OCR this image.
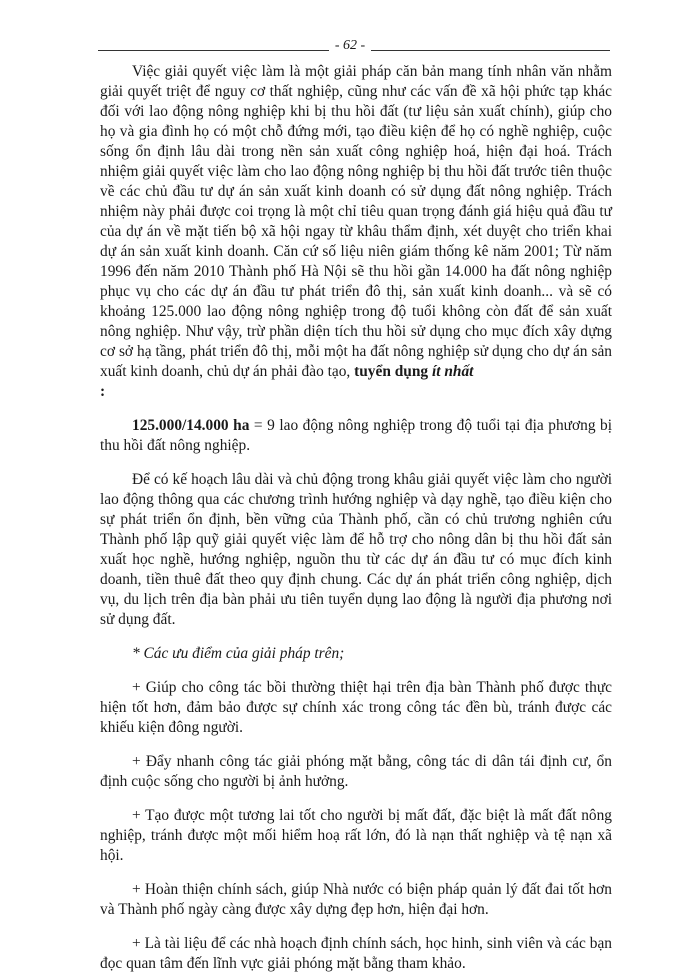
- 62 -

Việc giải quyết việc làm là một giải pháp căn bản mang tính nhân văn nhằm giải quyết triệt để nguy cơ thất nghiệp, cũng như các vấn đề xã hội phức tạp khác đối với lao động nông nghiệp khi bị thu hồi đất (tư liệu sản xuất chính), giúp cho họ và gia đình họ có một chỗ đứng mới, tạo điều kiện để họ có nghề nghiệp, cuộc sống ổn định lâu dài trong nền sản xuất công nghiệp hoá, hiện đại hoá. Trách nhiệm giải quyết việc làm cho lao động nông nghiệp bị thu hồi đất trước tiên thuộc về các chủ đầu tư dự án sản xuất kinh doanh có sử dụng đất nông nghiệp. Trách nhiệm này phải được coi trọng là một chỉ tiêu quan trọng đánh giá hiệu quả đầu tư của dự án về mặt tiến bộ xã hội ngay từ khâu thẩm định, xét duyệt cho triển khai dự án sản xuất kinh doanh. Căn cứ số liệu niên giám thống kê năm 2001; Từ năm 1996 đến năm 2010 Thành phố Hà Nội sẽ thu hồi gần 14.000 ha đất nông nghiệp phục vụ cho các dự án đầu tư phát triển đô thị, sản xuất kinh doanh... và sẽ có khoảng 125.000 lao động nông nghiệp trong độ tuổi không còn đất để sản xuất nông nghiệp. Như vậy, trừ phần diện tích thu hồi sử dụng cho mục đích xây dựng cơ sở hạ tầng, phát triển đô thị, mỗi một ha đất nông nghiệp sử dụng cho dự án sản xuất kinh doanh, chủ dự án phải đào tạo, tuyển dụng ít nhất
:

125.000/14.000 ha = 9 lao động nông nghiệp trong độ tuổi tại địa phương bị thu hồi đất nông nghiệp.

Để có kế hoạch lâu dài và chủ động trong khâu giải quyết việc làm cho người lao động thông qua các chương trình hướng nghiệp và dạy nghề, tạo điều kiện cho sự phát triển ổn định, bền vững của Thành phố, cần có chủ trương nghiên cứu Thành phố lập quỹ giải quyết việc làm để hỗ trợ cho nông dân bị thu hồi đất sản xuất học nghề, hướng nghiệp, nguồn thu từ các dự án đầu tư có mục đích kinh doanh, tiền thuê đất theo quy định chung. Các dự án phát triển công nghiệp, dịch vụ, du lịch trên địa bàn phải ưu tiên tuyển dụng lao động là người địa phương nơi sử dụng đất.

* Các ưu điểm của giải pháp trên;

+ Giúp cho công tác bồi thường thiệt hại trên địa bàn Thành phố được thực hiện tốt hơn, đảm bảo được sự chính xác trong công tác đền bù, tránh được các khiếu kiện đông người.

+ Đẩy nhanh công tác giải phóng mặt bằng, công tác di dân tái định cư, ổn định cuộc sống cho người bị ảnh hưởng.

+ Tạo được một tương lai tốt cho người bị mất đất, đặc biệt là mất đất nông nghiệp, tránh được một mối hiểm hoạ rất lớn, đó là nạn thất nghiệp và tệ nạn xã hội.

+ Hoàn thiện chính sách, giúp Nhà nước có biện pháp quản lý đất đai tốt hơn và Thành phố ngày càng được xây dựng đẹp hơn, hiện đại hơn.

+ Là tài liệu để các nhà hoạch định chính sách, học hinh, sinh viên và các bạn đọc quan tâm đến lĩnh vực giải phóng mặt bằng tham khảo.
